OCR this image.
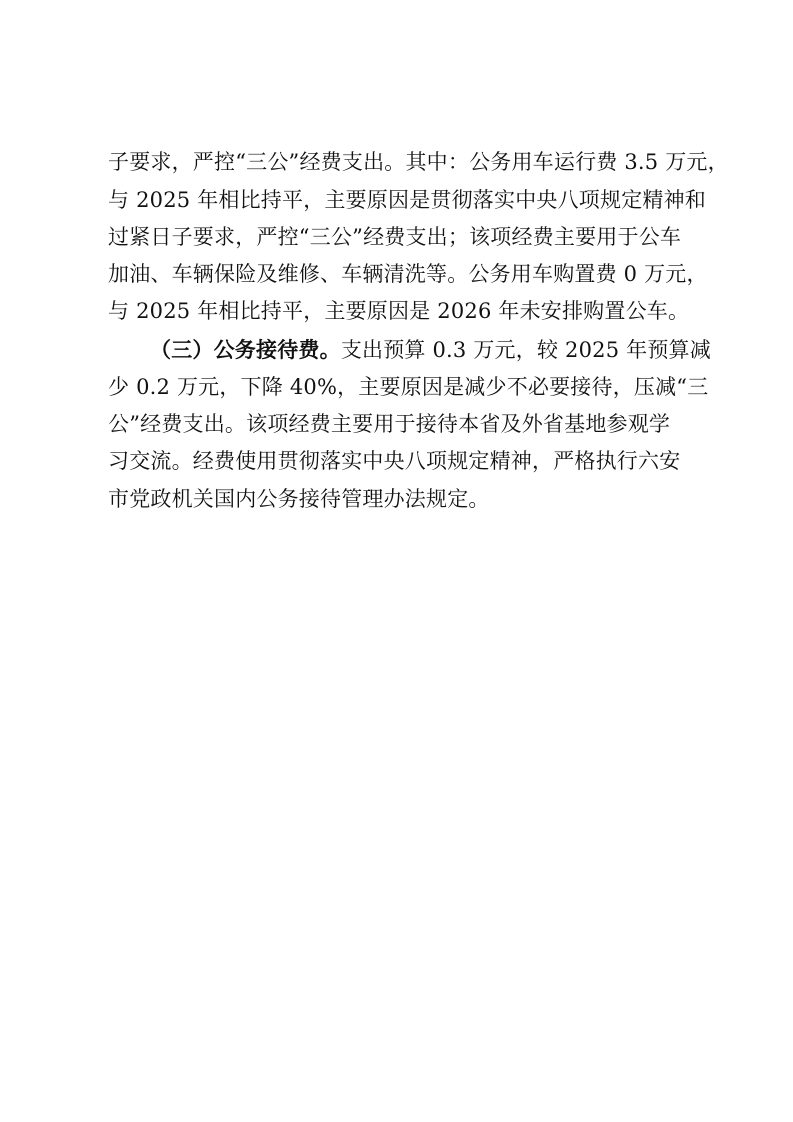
子要求，严控“三公”经费支出。其中：公务用车运行费 3.5 万元，
与 2025 年相比持平，主要原因是贯彻落实中央八项规定精神和
过紧日子要求，严控“三公”经费支出；该项经费主要用于公车
加油、车辆保险及维修、车辆清洗等。公务用车购置费 0 万元，
与 2025 年相比持平，主要原因是 2026 年未安排购置公车。
（三）公务接待费。支出预算 0.3 万元，较 2025 年预算减
少 0.2 万元，下降 40%，主要原因是减少不必要接待，压减“三
公”经费支出。该项经费主要用于接待本省及外省基地参观学
习交流。经费使用贯彻落实中央八项规定精神，严格执行六安
市党政机关国内公务接待管理办法规定。
